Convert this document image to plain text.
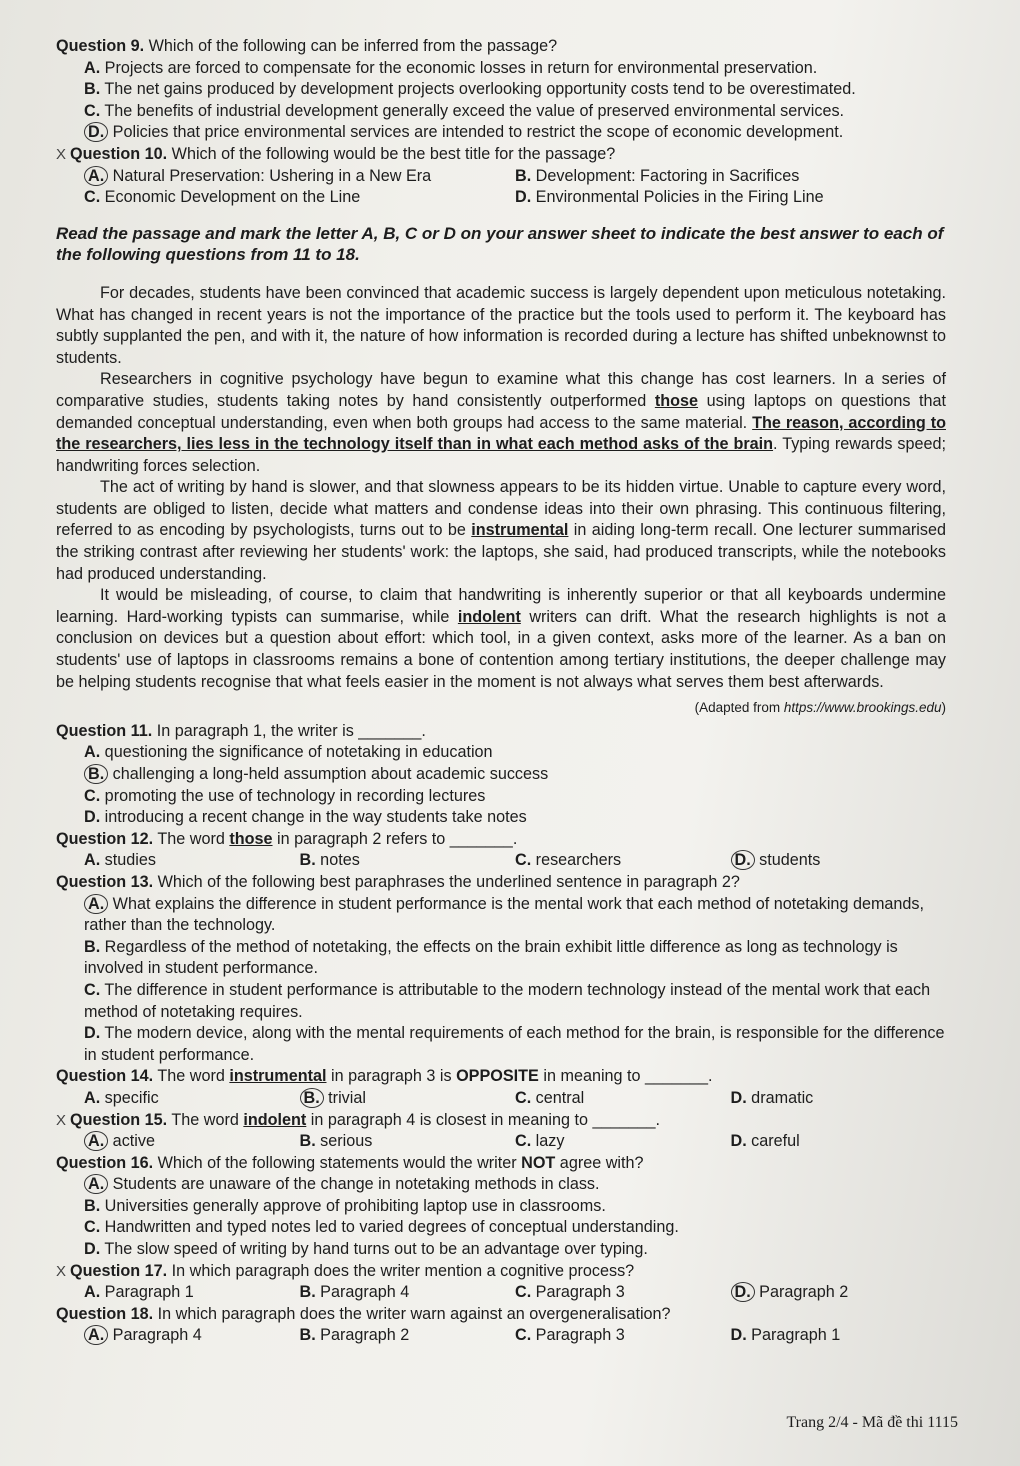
Question 9. Which of the following can be inferred from the passage?

A. Projects are forced to compensate for the economic losses in return for environmental preservation.
B. The net gains produced by development projects overlooking opportunity costs tend to be overestimated.
C. The benefits of industrial development generally exceed the value of preserved environmental services.
D. Policies that price environmental services are intended to restrict the scope of economic development.

X Question 10. Which of the following would be the best title for the passage?

A. Natural Preservation: Ushering in a New Era	B. Development: Factoring in Sacrifices
C. Economic Development on the Line	D. Environmental Policies in the Firing Line

Read the passage and mark the letter A, B, C or D on your answer sheet to indicate the best answer to each of the following questions from 11 to 18.

For decades, students have been convinced that academic success is largely dependent upon meticulous notetaking. What has changed in recent years is not the importance of the practice but the tools used to perform it. The keyboard has subtly supplanted the pen, and with it, the nature of how information is recorded during a lecture has shifted unbeknownst to students.

Researchers in cognitive psychology have begun to examine what this change has cost learners. In a series of comparative studies, students taking notes by hand consistently outperformed those using laptops on questions that demanded conceptual understanding, even when both groups had access to the same material. The reason, according to the researchers, lies less in the technology itself than in what each method asks of the brain. Typing rewards speed; handwriting forces selection.

The act of writing by hand is slower, and that slowness appears to be its hidden virtue. Unable to capture every word, students are obliged to listen, decide what matters and condense ideas into their own phrasing. This continuous filtering, referred to as encoding by psychologists, turns out to be instrumental in aiding long-term recall. One lecturer summarised the striking contrast after reviewing her students' work: the laptops, she said, had produced transcripts, while the notebooks had produced understanding.

It would be misleading, of course, to claim that handwriting is inherently superior or that all keyboards undermine learning. Hard-working typists can summarise, while indolent writers can drift. What the research highlights is not a conclusion on devices but a question about effort: which tool, in a given context, asks more of the learner. As a ban on students' use of laptops in classrooms remains a bone of contention among tertiary institutions, the deeper challenge may be helping students recognise that what feels easier in the moment is not always what serves them best afterwards.

(Adapted from https://www.brookings.edu)

Question 11. In paragraph 1, the writer is _______.

A. questioning the significance of notetaking in education
B. challenging a long-held assumption about academic success
C. promoting the use of technology in recording lectures
D. introducing a recent change in the way students take notes

Question 12. The word those in paragraph 2 refers to _______.

A. studies	B. notes	C. researchers	D. students

Question 13. Which of the following best paraphrases the underlined sentence in paragraph 2?

A. What explains the difference in student performance is the mental work that each method of notetaking demands, rather than the technology.
B. Regardless of the method of notetaking, the effects on the brain exhibit little difference as long as technology is involved in student performance.
C. The difference in student performance is attributable to the modern technology instead of the mental work that each method of notetaking requires.
D. The modern device, along with the mental requirements of each method for the brain, is responsible for the difference in student performance.

Question 14. The word instrumental in paragraph 3 is OPPOSITE in meaning to _______.

A. specific	B. trivial	C. central	D. dramatic

X Question 15. The word indolent in paragraph 4 is closest in meaning to _______.

A. active	B. serious	C. lazy	D. careful

Question 16. Which of the following statements would the writer NOT agree with?

A. Students are unaware of the change in notetaking methods in class.
B. Universities generally approve of prohibiting laptop use in classrooms.
C. Handwritten and typed notes led to varied degrees of conceptual understanding.
D. The slow speed of writing by hand turns out to be an advantage over typing.

X Question 17. In which paragraph does the writer mention a cognitive process?

A. Paragraph 1	B. Paragraph 4	C. Paragraph 3	D. Paragraph 2

Question 18. In which paragraph does the writer warn against an overgeneralisation?

A. Paragraph 4	B. Paragraph 2	C. Paragraph 3	D. Paragraph 1
Trang 2/4 - Mã đề thi 1115
